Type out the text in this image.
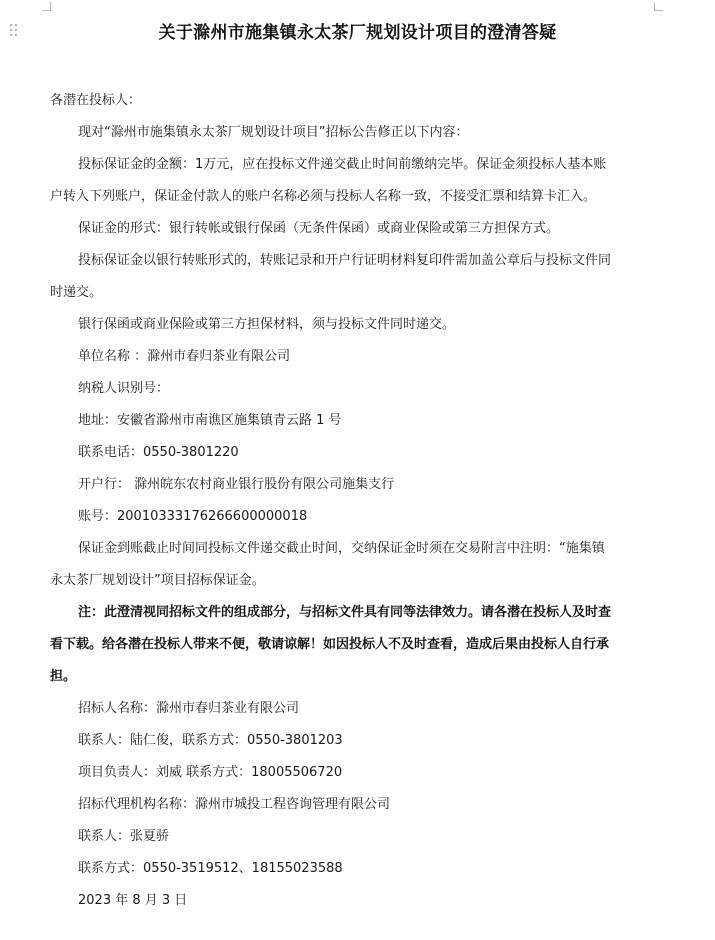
关于滁州市施集镇永太茶厂规划设计项目的澄清答疑
各潜在投标人：
现对“滁州市施集镇永太茶厂规划设计项目”招标公告修正以下内容：
投标保证金的金额：1万元，应在投标文件递交截止时间前缴纳完毕。保证金须投标人基本账
户转入下列账户，保证金付款人的账户名称必须与投标人名称一致，不接受汇票和结算卡汇入。
保证金的形式：银行转帐或银行保函（无条件保函）或商业保险或第三方担保方式。
投标保证金以银行转账形式的，转账记录和开户行证明材料复印件需加盖公章后与投标文件同
时递交。
银行保函或商业保险或第三方担保材料，须与投标文件同时递交。
单位名称 ：滁州市春归茶业有限公司
纳税人识别号：
地址：安徽省滁州市南谯区施集镇青云路 1 号
联系电话：0550-3801220
开户行： 滁州皖东农村商业银行股份有限公司施集支行
账号：20010333176266600000018
保证金到账截止时间同投标文件递交截止时间，交纳保证金时须在交易附言中注明：“施集镇
永太茶厂规划设计”项目招标保证金。
注：此澄清视同招标文件的组成部分，与招标文件具有同等法律效力。请各潜在投标人及时查
看下载。给各潜在投标人带来不便，敬请谅解！如因投标人不及时查看，造成后果由投标人自行承
担。
招标人名称：滁州市春归茶业有限公司
联系人：陆仁俊，联系方式：0550-3801203
项目负责人：刘威 联系方式：18005506720
招标代理机构名称：滁州市城投工程咨询管理有限公司
联系人：张夏骄
联系方式：0550-3519512、18155023588
2023 年 8 月 3 日
